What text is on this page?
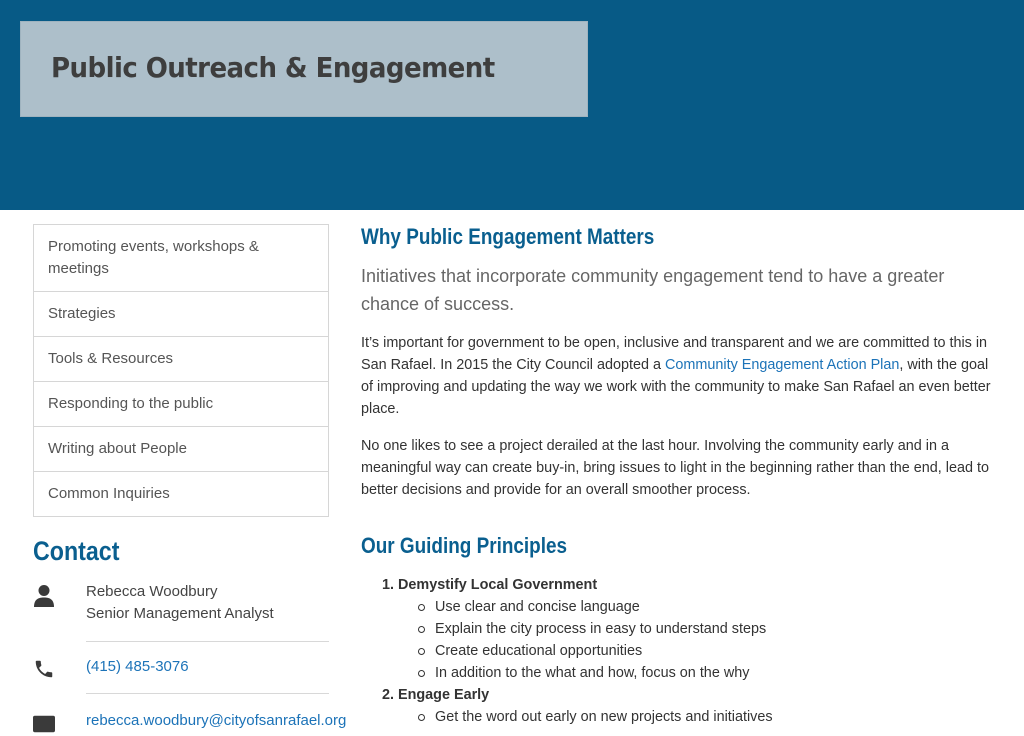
Public Outreach & Engagement
Promoting events, workshops & meetings
Strategies
Tools & Resources
Responding to the public
Writing about People
Common Inquiries
Contact
Rebecca Woodbury
Senior Management Analyst
(415) 485-3076
rebecca.woodbury@cityofsanrafael.org
Why Public Engagement Matters

Initiatives that incorporate community engagement tend to have a greater chance of success.

It’s important for government to be open, inclusive and transparent and we are committed to this in San Rafael. In 2015 the City Council adopted a Community Engagement Action Plan, with the goal of improving and updating the way we work with the community to make San Rafael an even better place.

No one likes to see a project derailed at the last hour. Involving the community early and in a meaningful way can create buy-in, bring issues to light in the beginning rather than the end, lead to better decisions and provide for an overall smoother process.

Our Guiding Principles
1. Demystify Local Government
Use clear and concise language
Explain the city process in easy to understand steps
Create educational opportunities
In addition to the what and how, focus on the why
2. Engage Early
Get the word out early on new projects and initiatives
